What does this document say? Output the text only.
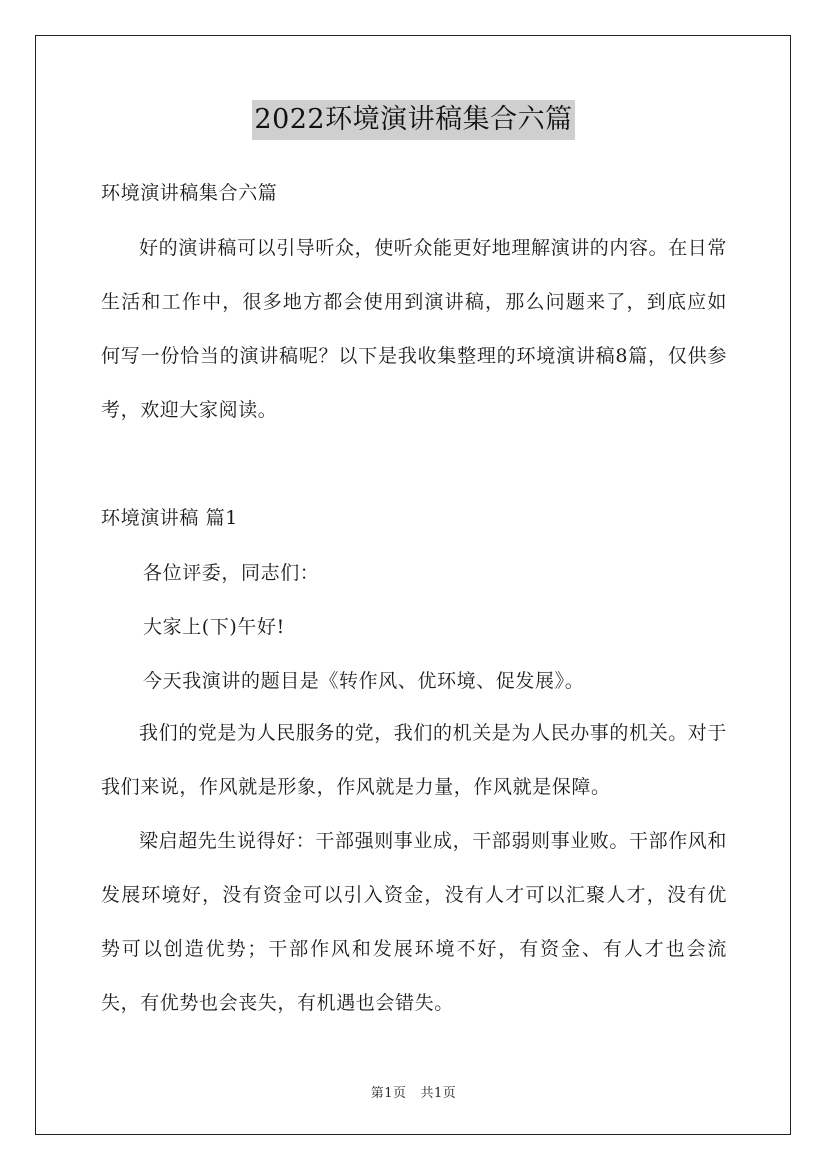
2022环境演讲稿集合六篇
环境演讲稿集合六篇
好的演讲稿可以引导听众，使听众能更好地理解演讲的内容。在日常生活和工作中，很多地方都会使用到演讲稿，那么问题来了，到底应如何写一份恰当的演讲稿呢？以下是我收集整理的环境演讲稿8篇，仅供参考，欢迎大家阅读。
环境演讲稿 篇1
各位评委，同志们：
大家上(下)午好!
今天我演讲的题目是《转作风、优环境、促发展》。
我们的党是为人民服务的党，我们的机关是为人民办事的机关。对于我们来说，作风就是形象，作风就是力量，作风就是保障。
梁启超先生说得好：干部强则事业成，干部弱则事业败。干部作风和发展环境好，没有资金可以引入资金，没有人才可以汇聚人才，没有优势可以创造优势；干部作风和发展环境不好，有资金、有人才也会流失，有优势也会丧失，有机遇也会错失。
第1页 共1页
